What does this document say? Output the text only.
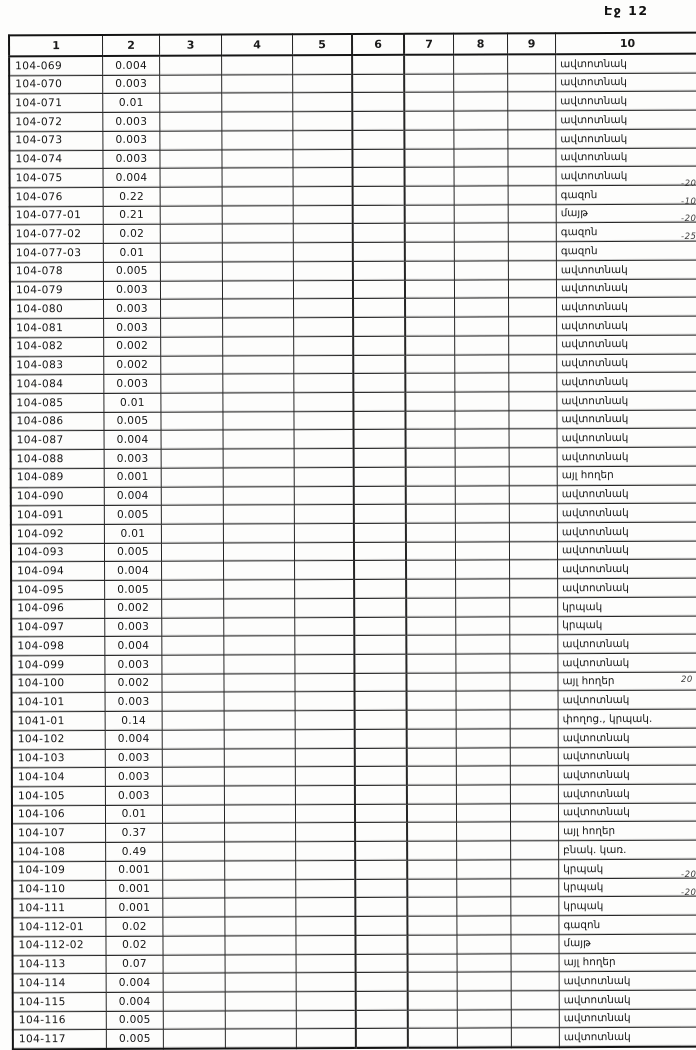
Էջ 12
1	2	3	4	5	6	7	8	9	10
104-069	0.004								ավտոտնակ
104-070	0.003								ավտոտնակ
104-071	0.01								ավտոտնակ
104-072	0.003								ավտոտնակ
104-073	0.003								ավտոտնակ
104-074	0.003								ավտոտնակ
104-075	0.004								ավտոտնակ
104-076	0.22								գազոն
104-077-01	0.21								մայթ
104-077-02	0.02								գազոն
104-077-03	0.01								գազոն
104-078	0.005								ավտոտնակ
104-079	0.003								ավտոտնակ
104-080	0.003								ավտոտնակ
104-081	0.003								ավտոտնակ
104-082	0.002								ավտոտնակ
104-083	0.002								ավտոտնակ
104-084	0.003								ավտոտնակ
104-085	0.01								ավտոտնակ
104-086	0.005								ավտոտնակ
104-087	0.004								ավտոտնակ
104-088	0.003								ավտոտնակ
104-089	0.001								այլ հողեր
104-090	0.004								ավտոտնակ
104-091	0.005								ավտոտնակ
104-092	0.01								ավտոտնակ
104-093	0.005								ավտոտնակ
104-094	0.004								ավտոտնակ
104-095	0.005								ավտոտնակ
104-096	0.002								կրպակ
104-097	0.003								կրպակ
104-098	0.004								ավտոտնակ
104-099	0.003								ավտոտնակ
104-100	0.002								այլ հողեր
104-101	0.003								ավտոտնակ
1041-01	0.14								փողոց., կրպակ.
104-102	0.004								ավտոտնակ
104-103	0.003								ավտոտնակ
104-104	0.003								ավտոտնակ
104-105	0.003								ավտոտնակ
104-106	0.01								ավտոտնակ
104-107	0.37								այլ հողեր
104-108	0.49								բնակ. կառ.
104-109	0.001								կրպակ
104-110	0.001								կրպակ
104-111	0.001								կրպակ
104-112-01	0.02								գազոն
104-112-02	0.02								մայթ
104-113	0.07								այլ հողեր
104-114	0.004								ավտոտնակ
104-115	0.004								ավտոտնակ
104-116	0.005								ավտոտնակ
104-117	0.005								ավտոտնակ
-20
-10
-20
-25
20
-20
-20
